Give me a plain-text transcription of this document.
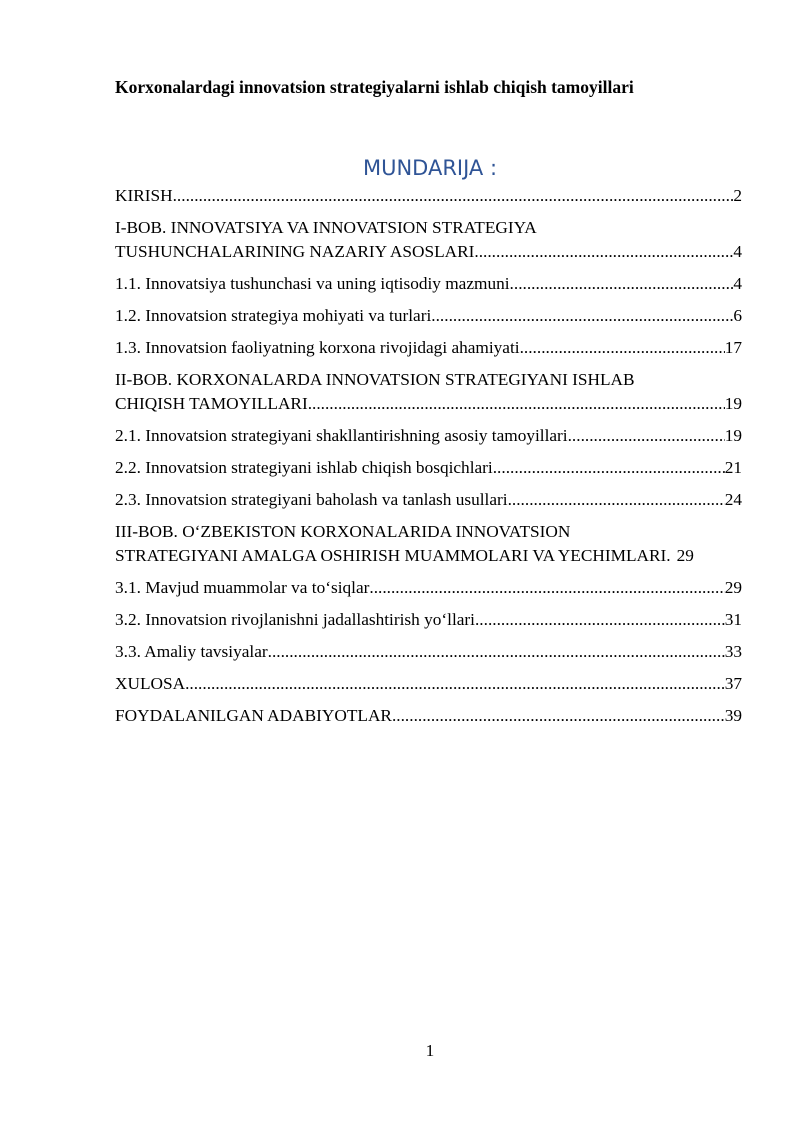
Korxonalardagi innovatsion strategiyalarni ishlab chiqish tamoyillari
MUNDARIJA :
KIRISH .....	2
I-BOB. INNOVATSIYA VA INNOVATSION STRATEGIYA
TUSHUNCHALARINING NAZARIY ASOSLARI .....	4
1.1. Innovatsiya tushunchasi va uning iqtisodiy mazmuni .....	4
1.2. Innovatsion strategiya mohiyati va turlari .....	6
1.3. Innovatsion faoliyatning korxona rivojidagi ahamiyati .....	17
II-BOB. KORXONALARDA INNOVATSION STRATEGIYANI ISHLAB
CHIQISH TAMOYILLARI .....	19
2.1. Innovatsion strategiyani shakllantirishning asosiy tamoyillari .....	19
2.2. Innovatsion strategiyani ishlab chiqish bosqichlari .....	21
2.3. Innovatsion strategiyani baholash va tanlash usullari .....	24
III-BOB. O‘ZBEKISTON KORXONALARIDA INNOVATSION
STRATEGIYANI AMALGA OSHIRISH MUAMMOLARI VA YECHIMLARI. 29
3.1. Mavjud muammolar va to‘siqlar .....	29
3.2. Innovatsion rivojlanishni jadallashtirish yo‘llari .....	31
3.3. Amaliy tavsiyalar .....	33
XULOSA .....	37
FOYDALANILGAN ADABIYOTLAR .....	39
1
